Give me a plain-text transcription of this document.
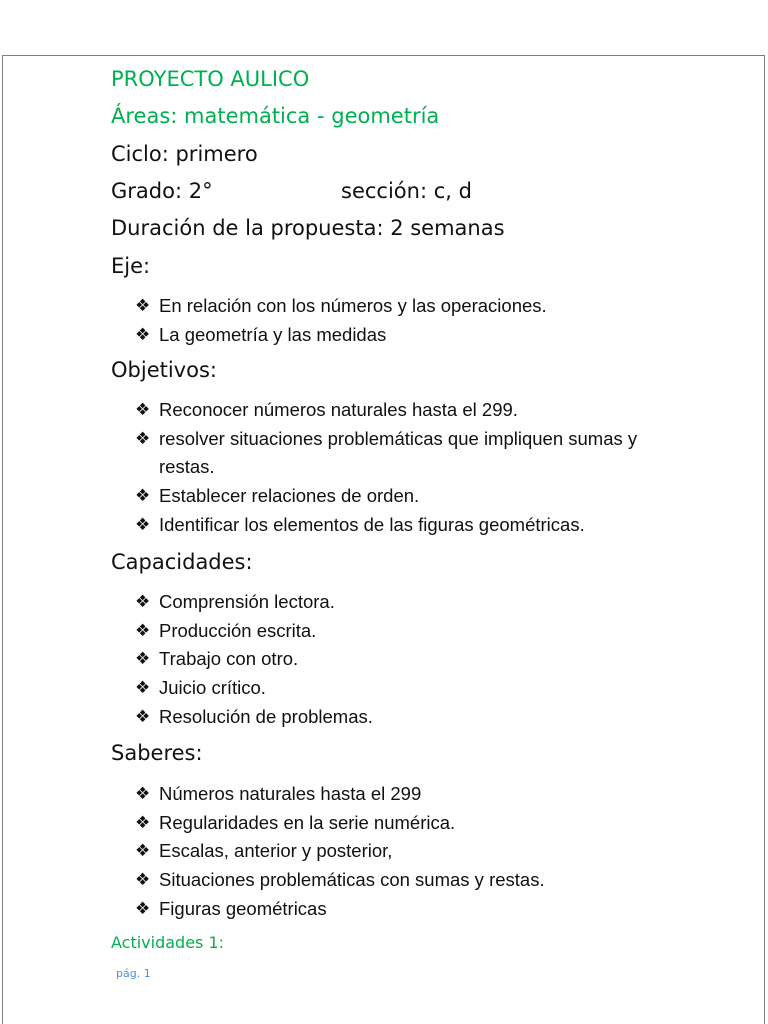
PROYECTO AULICO
Áreas: matemática - geometría
Ciclo: primero
Grado: 2°	sección: c, d
Duración de la propuesta: 2 semanas
Eje:
❖ En relación con los números y las operaciones.
❖ La geometría y las medidas
Objetivos:
❖ Reconocer números naturales hasta el 299.
❖ resolver situaciones problemáticas que impliquen sumas y restas.
❖ Establecer relaciones de orden.
❖ Identificar los elementos de las figuras geométricas.
Capacidades:
❖ Comprensión lectora.
❖ Producción escrita.
❖ Trabajo con otro.
❖ Juicio crítico.
❖ Resolución de problemas.
Saberes:
❖ Números naturales hasta el 299
❖ Regularidades en la serie numérica.
❖ Escalas, anterior y posterior,
❖ Situaciones problemáticas con sumas y restas.
❖ Figuras geométricas
Actividades 1:
pág. 1
